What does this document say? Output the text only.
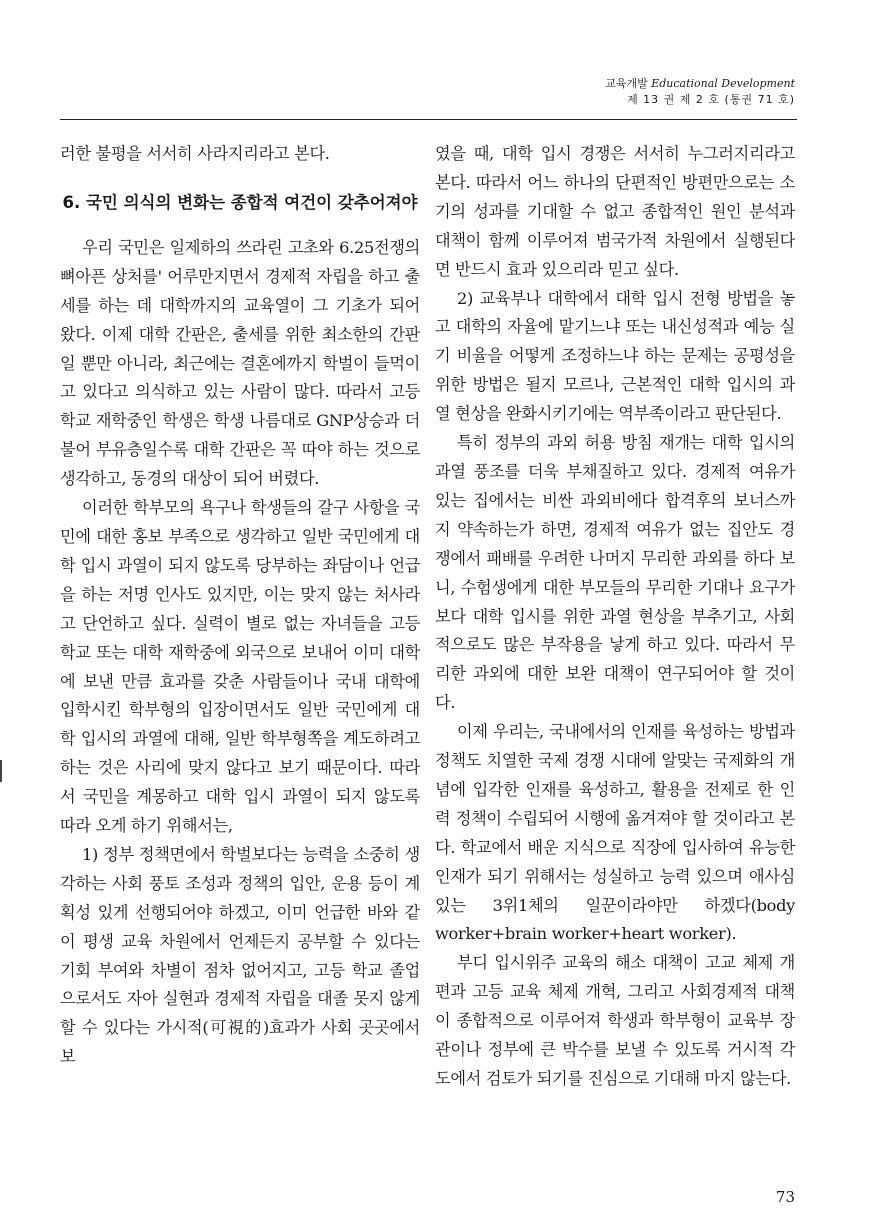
교육개발 Educational Development
제 13 권 제 2 호 (통권 71 호)

러한 불평을 서서히 사라지리라고 본다.

6. 국민 의식의 변화는 종합적 여건이 갖추어져야

우리 국민은 일제하의 쓰라린 고초와 6.25전쟁의 뼈아픈 상처를' 어루만지면서 경제적 자립을 하고 출세를 하는 데 대학까지의 교육열이 그 기초가 되어 왔다. 이제 대학 간판은, 출세를 위한 최소한의 간판일 뿐만 아니라, 최근에는 결혼에까지 학벌이 들먹이고 있다고 의식하고 있는 사람이 많다. 따라서 고등학교 재학중인 학생은 학생 나름대로 GNP상승과 더불어 부유층일수록 대학 간판은 꼭 따야 하는 것으로 생각하고, 동경의 대상이 되어 버렸다.

이러한 학부모의 욕구나 학생들의 갈구 사항을 국민에 대한 홍보 부족으로 생각하고 일반 국민에게 대학 입시 과열이 되지 않도록 당부하는 좌담이나 언급을 하는 저명 인사도 있지만, 이는 맞지 않는 처사라고 단언하고 싶다. 실력이 별로 없는 자녀들을 고등학교 또는 대학 재학중에 외국으로 보내어 이미 대학에 보낸 만큼 효과를 갖춘 사람들이나 국내 대학에 입학시킨 학부형의 입장이면서도 일반 국민에게 대학 입시의 과열에 대해, 일반 학부형쪽을 계도하려고 하는 것은 사리에 맞지 않다고 보기 때문이다. 따라서 국민을 계몽하고 대학 입시 과열이 되지 않도록 따라 오게 하기 위해서는,

1) 정부 정책면에서 학벌보다는 능력을 소중히 생각하는 사회 풍토 조성과 정책의 입안, 운용 등이 계획성 있게 선행되어야 하겠고, 이미 언급한 바와 같이 평생 교육 차원에서 언제든지 공부할 수 있다는 기회 부여와 차별이 점차 없어지고, 고등 학교 졸업으로서도 자아 실현과 경제적 자립을 대졸 못지 않게 할 수 있다는 가시적(可視的)효과가 사회 곳곳에서 보

였을 때, 대학 입시 경쟁은 서서히 누그러지리라고 본다. 따라서 어느 하나의 단편적인 방편만으로는 소기의 성과를 기대할 수 없고 종합적인 원인 분석과 대책이 함께 이루어져 범국가적 차원에서 실행된다면 반드시 효과 있으리라 믿고 싶다.

2) 교육부나 대학에서 대학 입시 전형 방법을 놓고 대학의 자율에 맡기느냐 또는 내신성적과 예능 실기 비율을 어떻게 조정하느냐 하는 문제는 공평성을 위한 방법은 될지 모르나, 근본적인 대학 입시의 과열 현상을 완화시키기에는 역부족이라고 판단된다.

특히 정부의 과외 허용 방침 재개는 대학 입시의 과열 풍조를 더욱 부채질하고 있다. 경제적 여유가 있는 집에서는 비싼 과외비에다 합격후의 보너스까지 약속하는가 하면, 경제적 여유가 없는 집안도 경쟁에서 패배를 우려한 나머지 무리한 과외를 하다 보니, 수험생에게 대한 부모들의 무리한 기대나 요구가 보다 대학 입시를 위한 과열 현상을 부추기고, 사회적으로도 많은 부작용을 낳게 하고 있다. 따라서 무리한 과외에 대한 보완 대책이 연구되어야 할 것이다.

이제 우리는, 국내에서의 인재를 육성하는 방법과 정책도 치열한 국제 경쟁 시대에 알맞는 국제화의 개념에 입각한 인재를 육성하고, 활용을 전제로 한 인력 정책이 수립되어 시행에 옮겨져야 할 것이라고 본다. 학교에서 배운 지식으로 직장에 입사하여 유능한 인재가 되기 위해서는 성실하고 능력 있으며 애사심있는 3위1체의 일꾼이라야만 하겠다(body worker+brain worker+heart worker).

부디 입시위주 교육의 해소 대책이 고교 체제 개편과 고등 교육 체제 개혁, 그리고 사회경제적 대책이 종합적으로 이루어져 학생과 학부형이 교육부 장관이나 정부에 큰 박수를 보낼 수 있도록 거시적 각도에서 검토가 되기를 진심으로 기대해 마지 않는다.

73
